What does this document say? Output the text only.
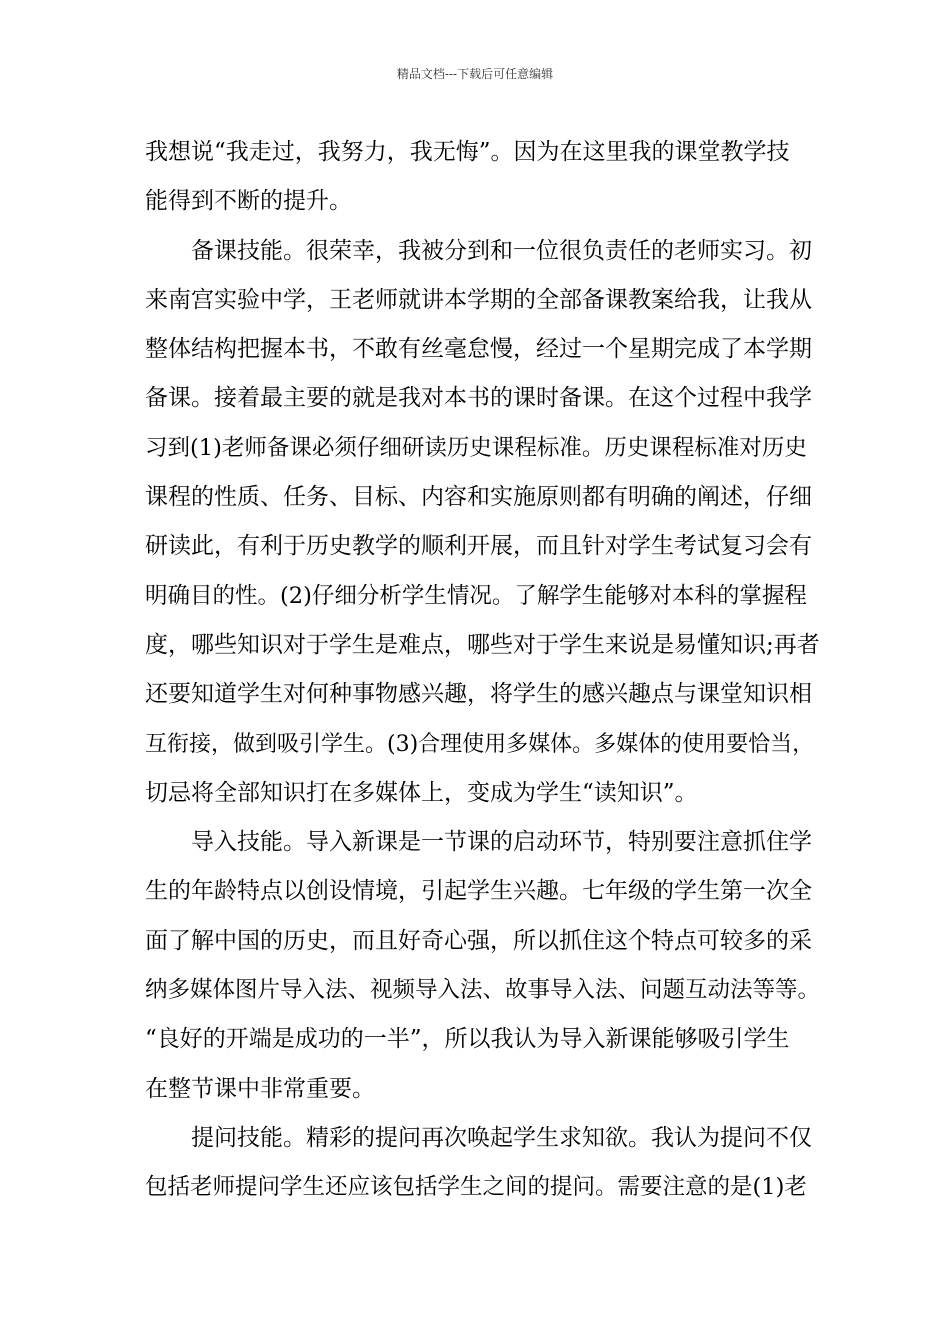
精品文档---下载后可任意编辑
我想说“我走过，我努力，我无悔”。因为在这里我的课堂教学技
能得到不断的提升。
备课技能。很荣幸，我被分到和一位很负责任的老师实习。初
来南宫实验中学，王老师就讲本学期的全部备课教案给我，让我从
整体结构把握本书，不敢有丝毫怠慢，经过一个星期完成了本学期
备课。接着最主要的就是我对本书的课时备课。在这个过程中我学
习到(1)老师备课必须仔细研读历史课程标准。历史课程标准对历史
课程的性质、任务、目标、内容和实施原则都有明确的阐述，仔细
研读此，有利于历史教学的顺利开展，而且针对学生考试复习会有
明确目的性。(2)仔细分析学生情况。了解学生能够对本科的掌握程
度，哪些知识对于学生是难点，哪些对于学生来说是易懂知识;再者
还要知道学生对何种事物感兴趣，将学生的感兴趣点与课堂知识相
互衔接，做到吸引学生。(3)合理使用多媒体。多媒体的使用要恰当，
切忌将全部知识打在多媒体上，变成为学生“读知识”。
导入技能。导入新课是一节课的启动环节，特别要注意抓住学
生的年龄特点以创设情境，引起学生兴趣。七年级的学生第一次全
面了解中国的历史，而且好奇心强，所以抓住这个特点可较多的采
纳多媒体图片导入法、视频导入法、故事导入法、问题互动法等等。
“良好的开端是成功的一半”，所以我认为导入新课能够吸引学生
在整节课中非常重要。
提问技能。精彩的提问再次唤起学生求知欲。我认为提问不仅
包括老师提问学生还应该包括学生之间的提问。需要注意的是(1)老
